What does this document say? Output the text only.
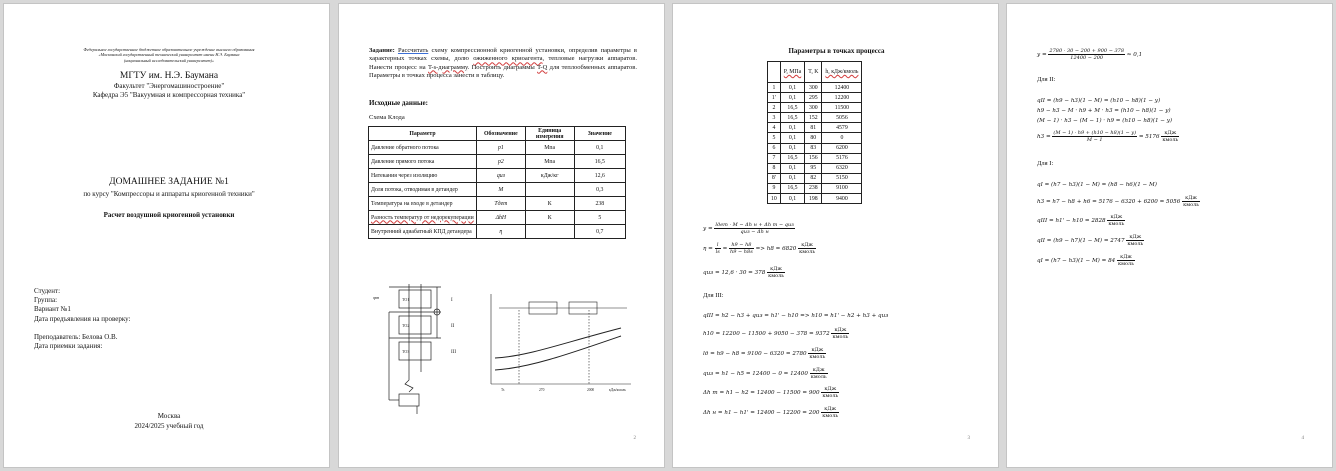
Федеральное государственное бюджетное образовательное учреждение высшего образования
«Московский государственный технический университет имени Н.Э. Баумана
(национальный исследовательский университет)»
МГТУ им. Н.Э. Баумана
Факультет "Энергомашиностроение"
Кафедра Э5 "Вакуумная и компрессорная техника"
ДОМАШНЕЕ ЗАДАНИЕ №1
по курсу "Компрессоры и аппараты криогенной техники"
Расчет воздушной криогенной установки
Студент:
Группа:
Вариант №1
Дата предъявления на проверку:
Преподаватель: Белова О.В.
Дата приемки задания:
Москва
2024/2025 учебный год
Задание: Рассчитать схему компрессионной криогенной установки, определив параметры в характерных точках схемы, долю ожиженного криоагента, тепловые нагрузки аппаратов. Нанести процесс на T-s-диаграмму. Построить диаграммы T-Q для теплообменных аппаратов. Параметры в точках процесса занести в таблицу.
Исходные данные:
Схема Клода
Параметр	Обозначение	Единица измерения	Значение
Давление обратного потока	p1	Мпа	0,1
Давление прямого потока	p2	Мпа	16,5
Натекания через изоляцию	qиз	кДж/кг	12,6
Доля потока, отводимая в детандер	M		0,3
Температура на входе в детандер	Tдет	К	238
Разность температур от недорекуперации	ΔhН	К	5
Внутренний адиабатный КПД детандера	η		0,7
qвн	ТО1
ТО2
ТО3
I
II
III
Ts	270	2000	кДж/кмоль
2
Параметры в точках процесса
	P, МПа	T, K	h, кДж/кмоль
1	0,1	300	12400
1'	0,1	295	12200
2	16,5	300	11500
3	16,5	152	5056
4	0,1	81	4579
5	0,1	80	0
6	0,1	83	6200
7	16,5	156	5176
8	0,1	95	6320
8'	0,1	82	5150
9	16,5	238	9100
10	0,1	198	9400
y =
lдет · M − Δh н + Δh т − qиз
qиз − Δh н
$\eta = \frac{l}{ls} = \frac{h9 - h8}{h9 - h8s} => h8 = 6820$
кДж
кмоль
qиз = 12,6 · 30 = 378
кДж
кмоль
Для III:
qIII = h2 − h3 + qиз = h1' − h10 => h10 = h1' − h2 + h3 + qиз
h10 = 12200 − 11500 + 9050 − 378 = 9372
кДж
кмоль
lд = h9 − h8 = 9100 − 6320 = 2780
кДж
кмоль
qиз = h1 − h5 = 12400 − 0 = 12400
кДж
кмоль
Δh т = h1 − h2 = 12400 − 11500 = 900
кДж
кмоль
Δh н = h1 − h1' = 12400 − 12200 = 200
кДж
кмоль
3
$y = \frac{2780 \cdot 30 - 200 + 900 - 378}{12400 - 200} \approx 0,1$
Для II:
qII = (h9 − h3)(1 − M) = (h10 − h8)(1 − y)
h9 − h3 − M · h9 + M · h3 = (h10 − h8)(1 − y)
(M − 1) · h3 − (M − 1) · h9 = (h10 − h8)(1 − y)
$h3 = \frac{(M - 1) \cdot h9 + (h10 - h8)(1 - y)}{M - 1} = 5176$
кДж
кмоль
Для I:
qI = (h7 − h3)(1 − M) = (h8 − h6)(1 − M)
h3 = h7 − h8 + h6 = 5176 − 6320 + 6200 = 5056
кДж
кмоль
qIII = h1' − h10 = 2828
кДж
кмоль
qII = (h9 − h7)(1 − M) = 2747
кДж
кмоль
qI = (h7 − h3)(1 − M) = 84
кДж
кмоль
4
